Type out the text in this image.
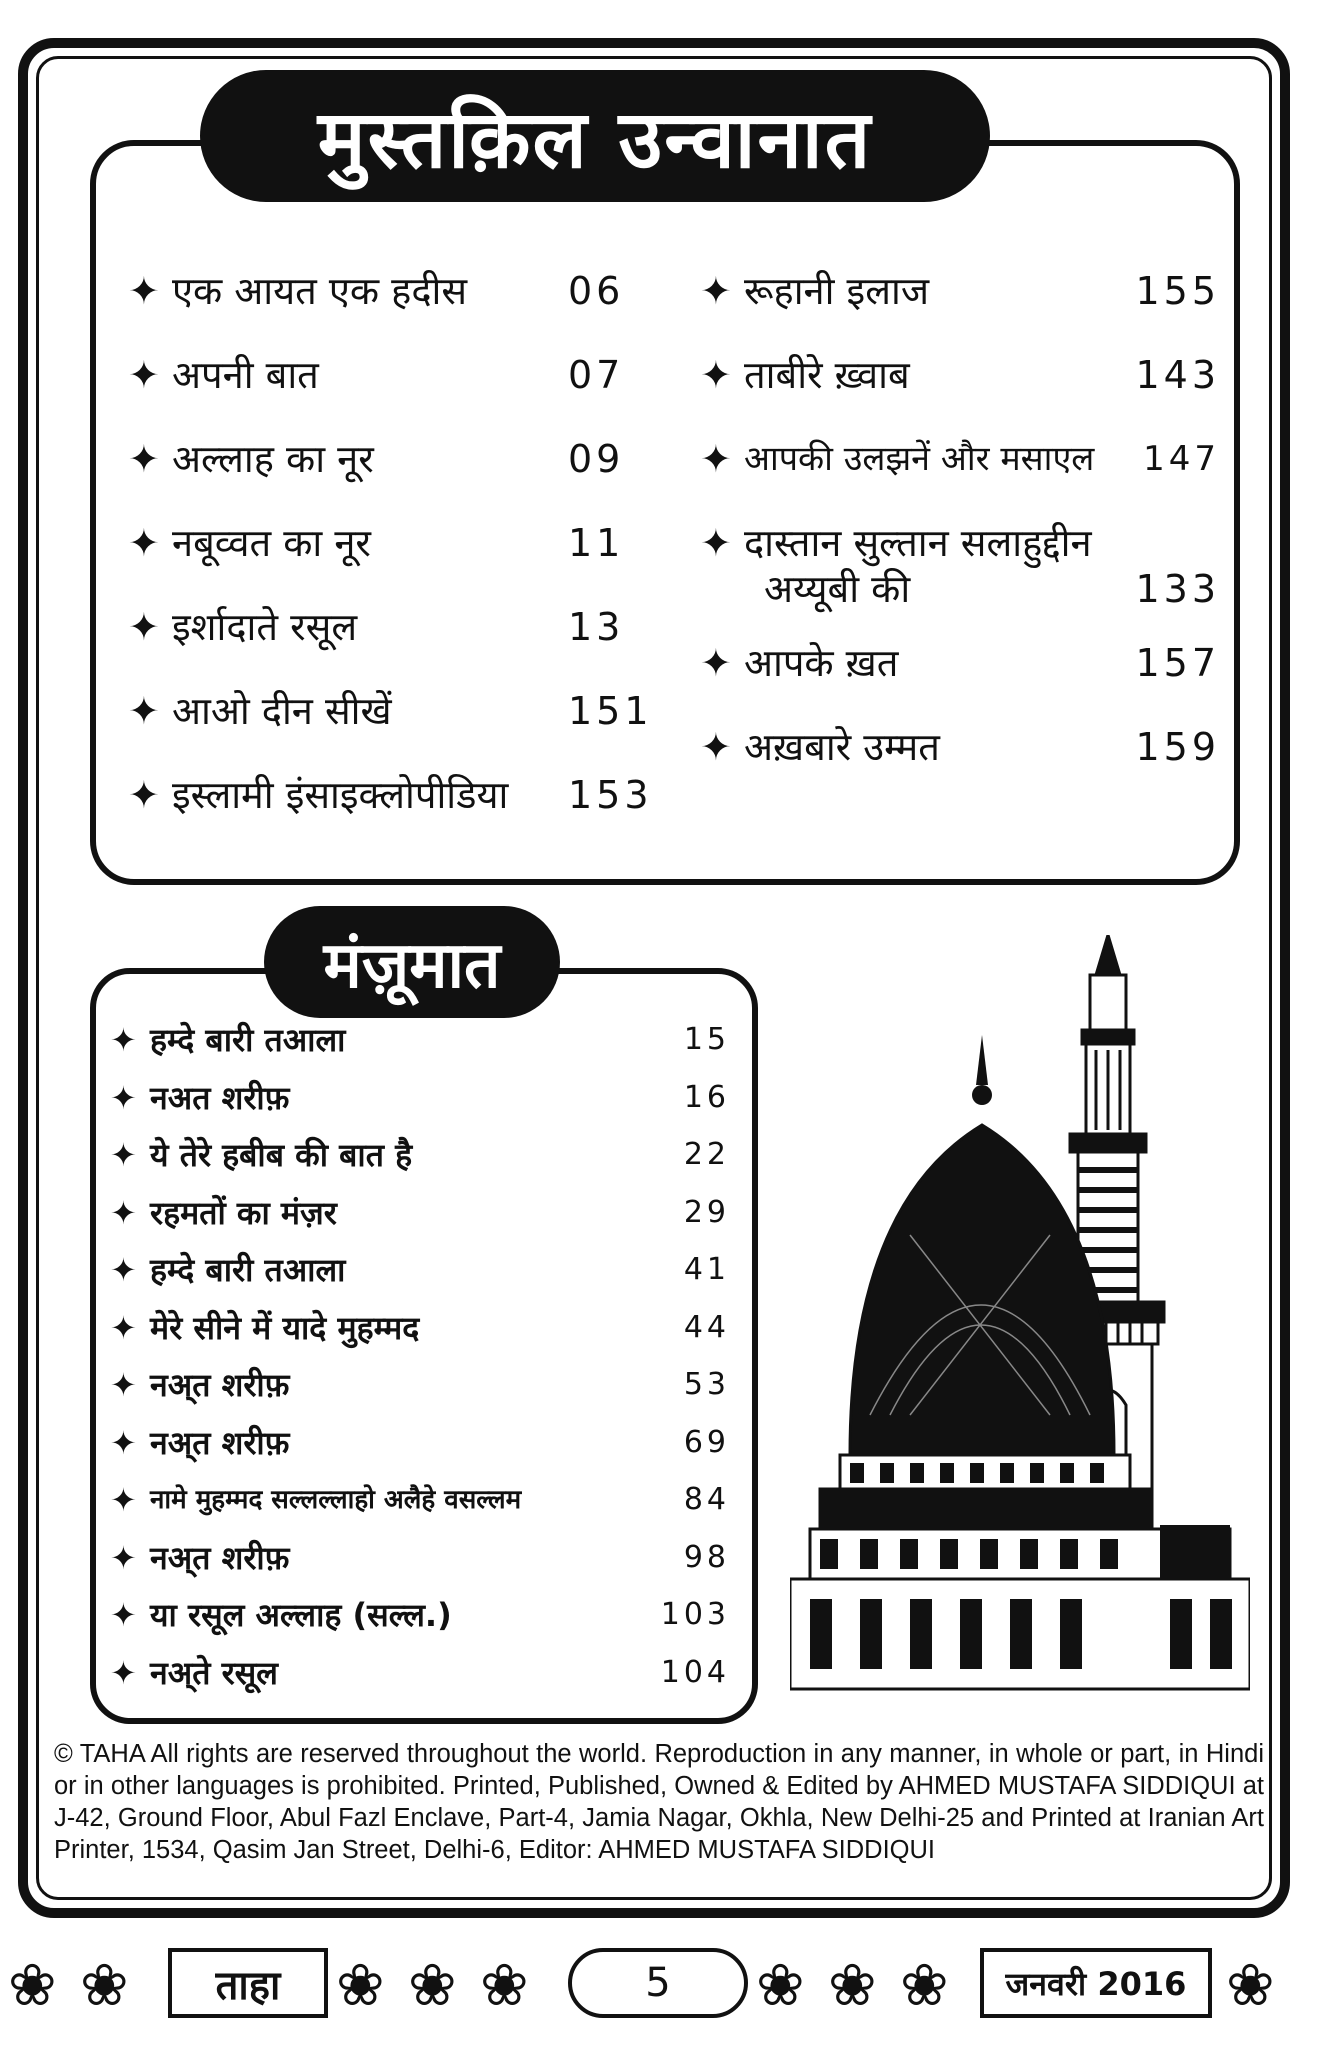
मुस्तक़िल उन्वानात
✦ एक आयत एक हदीस	06
✦ अपनी बात	07
✦ अल्लाह का नूर	09
✦ नबूव्वत का नूर	11
✦ इर्शादाते रसूल	13
✦ आओ दीन सीखें	151
✦ इस्लामी इंसाइक्लोपीडिया	153
✦ रूहानी इलाज	155
✦ ताबीरे ख़्वाब	143
✦ आपकी उलझनें और मसाएल	147
✦ दास्तान सुल्तान सलाहुद्दीन
अय्यूबी की	133
✦ आपके ख़त	157
✦ अख़बारे उम्मत	159
मंज़ूमात
✦ हम्दे बारी तआला	15
✦ नअत शरीफ़	16
✦ ये तेरे हबीब की बात है	22
✦ रहमतों का मंज़र	29
✦ हम्दे बारी तआला	41
✦ मेरे सीने में यादे मुहम्मद	44
✦ नअ्त शरीफ़	53
✦ नअ्त शरीफ़	69
✦ नामे मुहम्मद सल्लल्लाहो अलैहे वसल्लम	84
✦ नअ्त शरीफ़	98
✦ या रसूल अल्लाह (सल्ल.)	103
✦ नअ्ते रसूल	104
© TAHA All rights are reserved throughout the world. Reproduction in any manner, in whole or part, in Hindi or in other languages is prohibited. Printed, Published, Owned & Edited by AHMED MUSTAFA SIDDIQUI at J-42, Ground Floor, Abul Fazl Enclave, Part-4, Jamia Nagar, Okhla, New Delhi-25 and Printed at Iranian Art Printer, 1534, Qasim Jan Street, Delhi-6, Editor: AHMED MUSTAFA SIDDIQUI
❀ ❀ ताहा ❀ ❀ ❀	5 ❀ ❀ ❀ जनवरी 2016 ❀
